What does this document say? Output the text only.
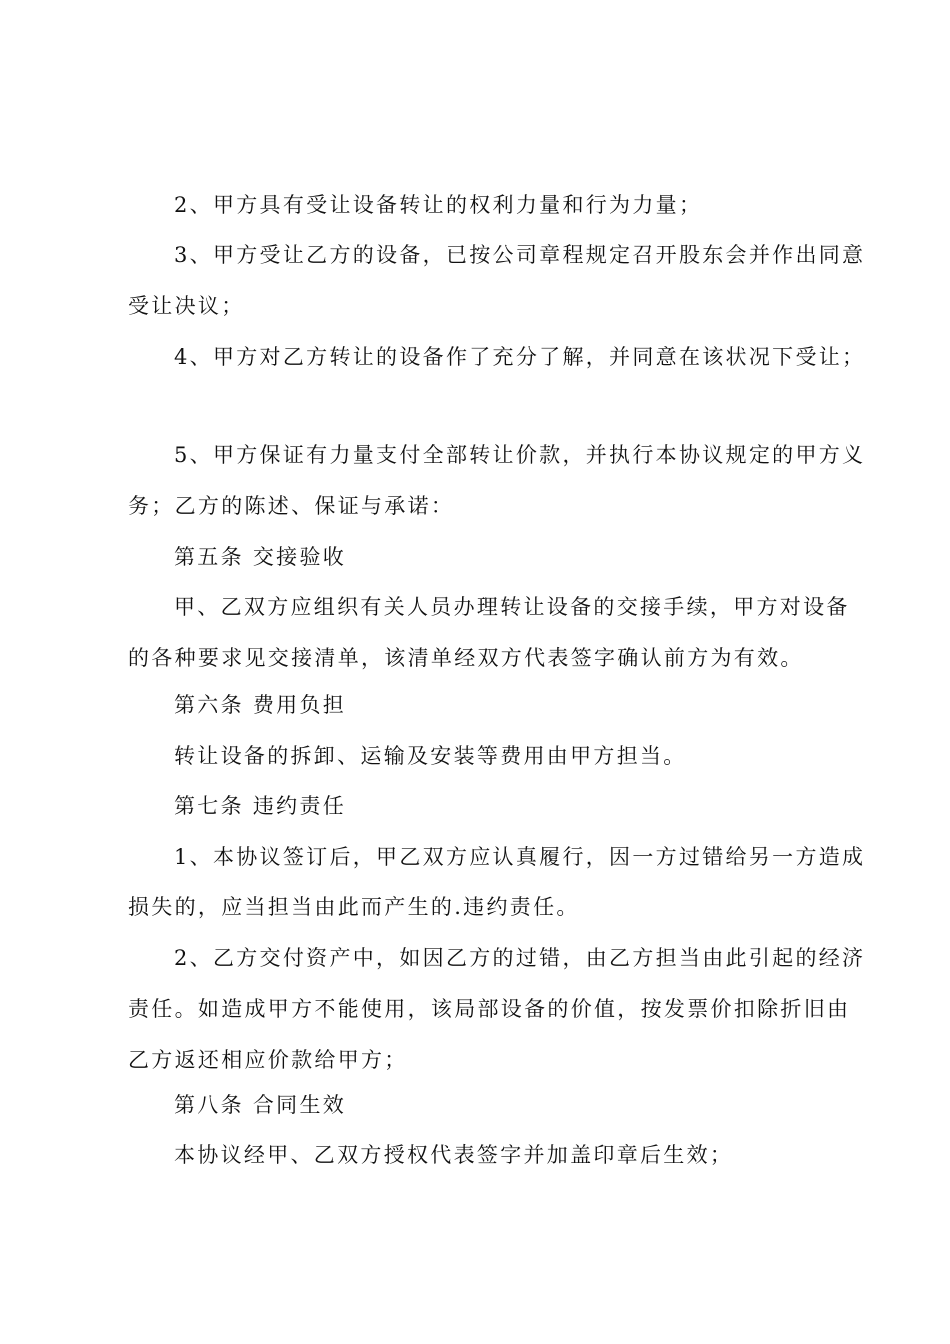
2、甲方具有受让设备转让的权利力量和行为力量；
3、甲方受让乙方的设备，已按公司章程规定召开股东会并作出同意
受让决议；
4、甲方对乙方转让的设备作了充分了解，并同意在该状况下受让；
5、甲方保证有力量支付全部转让价款，并执行本协议规定的甲方义
务；乙方的陈述、保证与承诺：
第五条 交接验收
甲、乙双方应组织有关人员办理转让设备的交接手续，甲方对设备
的各种要求见交接清单，该清单经双方代表签字确认前方为有效。
第六条 费用负担
转让设备的拆卸、运输及安装等费用由甲方担当。
第七条 违约责任
1、本协议签订后，甲乙双方应认真履行，因一方过错给另一方造成
损失的，应当担当由此而产生的.违约责任。
2、乙方交付资产中，如因乙方的过错，由乙方担当由此引起的经济
责任。如造成甲方不能使用，该局部设备的价值，按发票价扣除折旧由
乙方返还相应价款给甲方；
第八条 合同生效
本协议经甲、乙双方授权代表签字并加盖印章后生效；
